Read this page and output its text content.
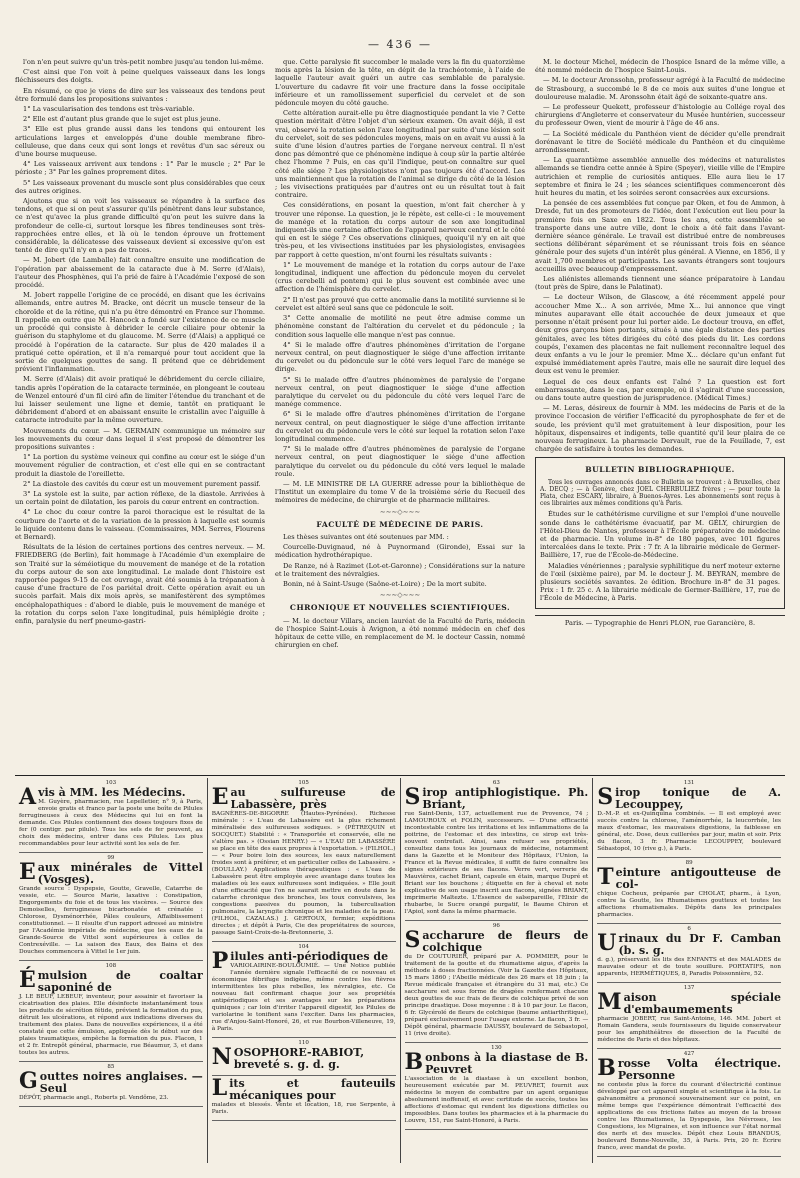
— 436 —

l'on n'en peut suivre qu'un très-petit nombre jusqu'au tendon lui-même.

C'est ainsi que l'on voit à peine quelques vaisseaux dans les longs fléchisseurs des doigts.

En résumé, ce que je viens de dire sur les vaisseaux des tendons peut être formulé dans les propositions suivantes :

1° La vascularisation des tendons est très-variable.

2° Elle est d'autant plus grande que le sujet est plus jeune.

3° Elle est plus grande aussi dans les tendons qui entourent les articulations larges et enveloppés d'une double membrane fibro-celluleuse, que dans ceux qui sont longs et revêtus d'un sac séreux ou d'une bourse muqueuse.

4° Les vaisseaux arrivent aux tendons : 1° Par le muscle ; 2° Par le périoste ; 3° Par les gaînes proprement dites.

5° Les vaisseaux provenant du muscle sont plus considérables que ceux des autres origines.

Ajoutons que si on voit les vaisseaux se répandre à la surface des tendons, et que si on peut s'assurer qu'ils pénètrent dans leur substance, ce n'est qu'avec la plus grande difficulté qu'on peut les suivre dans la profondeur de celle-ci, surtout lorsque les fibres tendineuses sont très-rapprochées entre elles, et là où le tendon éprouve un frottement considérable, la délicatesse des vaisseaux devient si excessive qu'on est tenté de dire qu'il n'y en a pas de traces.

— M. Jobert (de Lamballe) fait connaître ensuite une modification de l'opération par abaissement de la cataracte due à M. Serre (d'Alais), l'auteur des Phosphènes, qui l'a prié de faire à l'Académie l'exposé de son procédé.

M. Jobert rappelle l'origine de ce procédé, en disant que les écrivains allemands, entre autres M. Bracke, ont décrit un muscle tenseur de la choroïde et de la rétine, qui n'a pu être démontré en France sur l'homme. Il rappelle en outre que M. Hancock a fondé sur l'existence de ce muscle un procédé qui consiste à débrider le cercle ciliaire pour obtenir la guérison du staphylome et du glaucome. M. Serre (d'Alais) a appliqué ce procédé à l'opération de la cataracte. Sur plus de 420 malades il a pratiqué cette opération, et il n'a remarqué pour tout accident que la sortie de quelques gouttes de sang. Il prétend que ce débridement prévient l'inflammation.

M. Serre (d'Alais) dit avoir pratiqué le débridement du cercle ciliaire, tandis après l'opération de la cataracte terminée, en plongeant le couteau de Wenzel entouré d'un fil ciré afin de limiter l'étendue du tranchant et de lui laisser seulement une ligne et demie, tantôt en pratiquant le débridement d'abord et en abaissant ensuite le cristallin avec l'aiguille à cataracte introduite par la même ouverture.

Mouvements du cœur. — M. GERMAIN communique un mémoire sur les mouvements du cœur dans lequel il s'est proposé de démontrer les propositions suivantes :

1° La portion du système veineux qui confine au cœur est le siége d'un mouvement régulier de contraction, et c'est elle qui en se contractant produit la diastole de l'oreillette.

2° La diastole des cavités du cœur est un mouvement purement passif.

3° La systole est la suite, par action réflexe, de la diastole. Arrivées à un certain point de dilatation, les parois du cœur entrent en contraction.

4° Le choc du cœur contre la paroi thoracique est le résultat de la courbure de l'aorte et de la variation de la pression à laquelle est soumis le liquide contenu dans le vaisseau. (Commissaires, MM. Serres, Flourens et Bernard).

Résultats de la lésion de certaines portions des centres nerveux. — M. FRIEDBERG (de Berlin), fait hommage à l'Académie d'un exemplaire de son Traité sur la séméiotique du mouvement de manége et de la rotation du corps autour de son axe longitudinal. Le malade dont l'histoire est rapportée pages 9-15 de cet ouvrage, avait été soumis à la trépanation à cause d'une fracture de l'os pariétal droit. Cette opération avait eu un succès parfait. Mais dix mois après, se manifestèrent des symptômes encéphalopathiques : d'abord le diable, puis le mouvement de manége et la rotation du corps selon l'axe longitudinal, puis hémiplégie droite ; enfin, paralysie du nerf pneumo-gastri-

que. Cette paralysie fit succomber le malade vers la fin du quatorzième mois après la lésion de la tête, en dépit de la trachéotomie, à l'aide de laquelle l'auteur avait guéri un autre cas semblable de paralysie. L'ouverture du cadavre fit voir une fracture dans la fosse occipitale inférieure et un ramollissement superficiel du cervelet et de son pédoncule moyen du côté gauche.

Cette altération aurait-elle pu être diagnostiquée pendant la vie ? Cette question méritait d'être l'objet d'un sérieux examen. On avait déjà, il est vrai, observé la rotation selon l'axe longitudinal par suite d'une lésion soit du cervelet, soit de ses pédoncules moyens, mais on en avait vu aussi à la suite d'une lésion d'autres parties de l'organe nerveux central. Il n'est donc pas démontré que ce phénomène indique à coup sûr la partie altérée chez l'homme ? Puis, en cas qu'il l'indique, peut-on connaître sur quel côté elle siége ? Les physiologistes n'ont pas toujours été d'accord. Les uns maintiennent que la rotation de l'animal se dirige du côté de la lésion ; les vivisections pratiquées par d'autres ont eu un résultat tout à fait contraire.

Ces considérations, en posant la question, m'ont fait chercher à y trouver une réponse. La question, je le répète, est celle-ci : le mouvement de manége et la rotation du corps autour de son axe longitudinal indiquent-ils une certaine affection de l'appareil nerveux central et le côté qui en est le siége ? Ces observations cliniques, quoiqu'il n'y en ait que très-peu, et les vivisections instituées par les physiologistes, envisagées par rapport à cette question, m'ont fourni les résultats suivants :

1° Le mouvement de manége et la rotation du corps autour de l'axe longitudinal, indiquent une affection du pédoncule moyen du cervelet (crus cerebelli ad pontem) qui le plus souvent est combinée avec une affection de l'hémisphère du cervelet.

2° Il n'est pas prouvé que cette anomalie dans la motilité survienne si le cervelet est altéré seul sans que ce pédoncule le soit.

3° Cette anomalie de motilité ne peut être admise comme un phénomène constant de l'altération du cervelet et du pédoncule ; la condition sous laquelle elle manque n'est pas connue.

4° Si le malade offre d'autres phénomènes d'irritation de l'organe nerveux central, on peut diagnostiquer le siége d'une affection irritante du cervelet ou du pédoncule sur le côté vers lequel l'arc de manége se dirige.

5° Si le malade offre d'autres phénomènes de paralysie de l'organe nerveux central, on peut diagnostiquer le siége d'une affection paralytique du cervelet ou du pédoncule du côté vers lequel l'arc de manége commence.

6° Si le malade offre d'autres phénomènes d'irritation de l'organe nerveux central, on peut diagnostiquer le siége d'une affection irritante du cervelet ou du pédoncule vers le côté sur lequel la rotation selon l'axe longitudinal commence.

7° Si le malade offre d'autres phénomènes de paralysie de l'organe nerveux central, on peut diagnostiquer le siége d'une affection paralytique du cervelet ou du pédoncule du côté vers lequel le malade roule.

— M. LE MINISTRE DE LA GUERRE adresse pour la bibliothèque de l'Institut un exemplaire du tome V de la troisième série du Recueil des mémoires de médecine, de chirurgie et de pharmacie militaires.

∼∼∼◇∼∼∼
FACULTÉ DE MÉDECINE DE PARIS.

Les thèses suivantes ont été soutenues par MM. :

Courcelle-Duvignaud, né à Puynormand (Gironde), Essai sur la médication hydrothérapique.

De Ranze, né à Razimet (Lot-et-Garonne) ; Considérations sur la nature et le traitement des névralgies.

Bonin, né à Saint-Usuge (Saône-et-Loire) ; De la mort subite.

∼∼∼◇∼∼∼
CHRONIQUE ET NOUVELLES SCIENTIFIQUES.

— M. le docteur Villars, ancien lauréat de la Faculté de Paris, médecin de l'hospice Saint-Louis à Avignon, a été nommé médecin en chef des hôpitaux de cette ville, en remplacement de M. le docteur Cassin, nommé chirurgien en chef.

M. le docteur Michel, médecin de l'hospice Isnard de la même ville, a été nommé médecin de l'hospice Saint-Louis.

— M. le docteur Aronssohn, professeur agrégé à la Faculté de médecine de Strasbourg, a succombé le 8 de ce mois aux suites d'une longue et douloureuse maladie. M. Aronssohn était âgé de soixante-quatre ans.

— Le professeur Quekett, professeur d'histologie au Collége royal des chirurgiens d'Angleterre et conservateur du Musée huntérien, successeur du professeur Owen, vient de mourir à l'âge de 46 ans.

— La Société médicale du Panthéon vient de décider qu'elle prendrait dorénavant le titre de Société médicale du Panthéon et du cinquième arrondissement.

— La quarantième assemblée annuelle des médecins et naturalistes allemands se tiendra cette année à Spire (Speyer), vieille ville de l'Empire autrichien et remplie de curiosités antiques. Elle aura lieu le 17 septembre et finira le 24 ; les séances scientifiques commenceront dès huit heures du matin, et les soirées seront consacrées aux excursions.

La pensée de ces assemblées fut conçue par Oken, et fou de Ammon, à Dresde, fut un des promoteurs de l'idée, dont l'exécution eut lieu pour la première fois en Saxe en 1822. Tous les ans, cette assemblée se transporte dans une autre ville, dont le choix a été fait dans l'avant-dernière séance générale. Le travail est distribué entre de nombreuses sections délibérant séparément et se réunissant trois fois en séance générale pour des sujets d'un intérêt plus général. A Vienne, en 1856, il y avait 1,700 membres et participants. Les savants étrangers sont toujours accueillis avec beaucoup d'empressement.

Les aliénistes allemands tiennent une séance préparatoire à Landau (tout près de Spire, dans le Palatinat).

— Le docteur Wilson, de Glascow, a été récemment appelé pour accoucher Mme X... A son arrivée, Mme X... lui annonce que vingt minutes auparavant elle était accouchée de deux jumeaux et que personne n'était présent pour lui porter aide. Le docteur trouva, en effet, deux gros garçons bien portants, situés à une égale distance des parties génitales, avec les têtes dirigées du côté des pieds du lit. Les cordons coupés, l'examen des placentas ne fait nullement reconnaître lequel des deux enfants a vu le jour le premier. Mme X... déclare qu'un enfant fut expulsé immédiatement après l'autre, mais elle ne saurait dire lequel des deux est venu le premier.

Lequel de ces deux enfants est l'aîné ? La question est fort embarrassante, dans le cas, par exemple, où il s'agirait d'une succession, ou dans toute autre question de jurisprudence. (Médical Times.)

— M. Leras, désireux de fournir à MM. les médecins de Paris et de la province l'occasion de vérifier l'efficacité du pyrophosphate de fer et de soude, les prévient qu'il met gratuitement à leur disposition, pour les hôpitaux, dispensaires et indigents, telle quantité qu'il leur plaira de ce nouveau ferrugineux. La pharmacie Dervault, rue de la Feuillade, 7, est chargée de satisfaire à toutes les demandes.

BULLETIN BIBLIOGRAPHIQUE.

Tous les ouvrages annoncés dans ce Bulletin se trouvent : à Bruxelles, chez A. DECQ ; — à Genève, chez JOEL CHERBULIEZ frères ; — pour toute la Plata, chez ESCARY, libraire, à Buenos-Ayres. Les abonnements sont reçus à ces librairies aux mêmes conditions qu'à Paris.

Études sur le cathétérisme curviligne et sur l'emploi d'une nouvelle sonde dans le cathétérisme évacuatif, par M. GÉLY, chirurgien de l'Hôtel-Dieu de Nantes, professeur à l'École préparatoire de médecine et de pharmacie. Un volume in-8° de 180 pages, avec 101 figures intercalées dans le texte. Prix : 7 fr. A la librairie médicale de Germer-Baillière, 17, rue de l'École-de-Médecine.

Maladies vénériennes ; paralysie syphilitique du nerf moteur externe de l'œil (sixième paire), par M. le docteur J. M. BEYRAN, membre de plusieurs sociétés savantes. 2e édition. Brochure in-8° de 31 pages. Prix : 1 fr. 25 c. A la librairie médicale de Germer-Baillière, 17, rue de l'École de Médecine, à Paris.

Paris. — Typographie de Henri PLON, rue Garancière, 8.
103
Avis à MM. les Médecins.
M. Guyère, pharmacien, rue Lepelletier, n° 9, à Paris, envoie gratis et franco par la poste une boîte de Pilules ferrugineuses à ceux des Médecins qui lui en font la demande. Ces Pilules contiennent des doses toujours fixes de fer (0 centigr. par pilule). Tous les sels de fer peuvent, au choix des médecins, entrer dans ces Pilules. Les plus recommandables pour leur activité sont les sels de fer.
99
Eaux minérales de Vittel (Vosges).
Grande source : Dyspepsie, Goutte, Gravelle, Catarrhe de vessie, etc. — Source Marie, laxative : Constipation, Engorgements du foie et de tous les viscères. — Source des Demoiselles, ferrugineuse bicarbonatée et crénatée : Chlorose, Dysménorrhée, Pâles couleurs, Affaiblissement constitutionnel. — Il résulte d'un rapport adressé au ministre par l'Académie impériale de médecine, que les eaux de la Grande-Source de Vittel sont supérieures à celles de Contrexéville. — La saison des Eaux, des Bains et des Douches commencera à Vittel le 1er juin.
108
Émulsion de coaltar saponiné de
J. LE BEUF, LEBEUF, inventeur, pour assainir et favoriser la cicatrisation des plaies. Elle désinfecte instantanément tous les produits de sécrétion fétide, prévient la formation du pus, détruit les ulcérations, et répond aux indications diverses du traitement des plaies. Dans de nouvelles expériences, il a été constaté que cette émulsion, appliquée dès le début sur des plaies traumatiques, empêche la formation du pus. Flacon, 1 et 2 fr. Entrepôt général, pharmacie, rue Béaumur, 3, et dans toutes les autres.
85
Gouttes noires anglaises. — Seul
DÉPÔT, pharmacie angl., Roberts pl. Vendôme, 23.
105
Eau sulfureuse de Labassère, près
BAGNÈRES-DE-BIGORRE (Hautes-Pyrénées). Richesse minérale : « L'eau de Labassère est la plus richement minéralisée des sulfureuses sodiques. » (PÉTREQUIN et SOCQUET.) Stabilité : « Transportée et conservée, elle ne s'altère pas. » (Ossian HENRY.) — « L'EAU DE LABASSÈRE se place en tête des eaux propres à l'exportation. » (FILHOL.) — « Pour boire loin des sources, les eaux naturellement froides sont à préférer, et en particulier celles de Labassère. » (BOULLAY.) Applications thérapeutiques : « L'eau de Labassère peut être employée avec avantage dans toutes les maladies où les eaux sulfureuses sont indiquées. » Elle jouit d'une efficacité que l'on ne saurait mettre en doute dans le catarrhe chronique des bronches, les toux convulsives, les congestions passives du poumon, la tuberculisation pulmonaire, la laryngite chronique et les maladies de la peau. (FILHOL, CAZALAS.) J. GERTOUX, fermier, expéditions directes ; et dépôt à Paris, Cie des propriétaires de sources, passage Saint-Croix-de-la-Bretonnerie, 3.
104
Pilules anti-périodiques de
VARIOLAIRINE-BOULOUMIÉ. — Une Notice publiée l'année dernière signale l'efficacité de ce nouveau et économique fébrifuge indigène, même contre les fièvres intermittentes les plus rebelles, les névralgies, etc. Ce nouveau fait confirmant chaque jour ses propriétés antipériodiques et ses avantages sur les préparations quiniques ; car loin d'irriter l'appareil digestif, les Pilules de variolarine le tonifient sans l'exciter. Dans les pharmacies, rue d'Anjou-Saint-Honoré, 26, et rue Bourbon-Villeneuve, 19, à Paris.
110
NOSOPHORE-RABIOT, breveté s. g. d. g.
Lits et fauteuils mécaniques pour
malades et blessés. Vente et location, 18, rue Serpente, à Paris.
63
Sirop antiphlogistique. Ph. Briant,
rue Saint-Denis, 137, actuellement rue de Provence, 74 ; LAMOUROUX et FOLIN, successeurs. — D'une efficacité incontestable contre les irritations et les inflammations de la poitrine, de l'estomac et des intestins, ce sirop est très-souvent contrefait. Ainsi, sans refuser ses propriétés, consultez dans tous les journaux de médecine, notamment dans la Gazette et le Moniteur des Hôpitaux, l'Union, la France et la Revue médicales, il suffit de faire connaître les signes extérieurs de ses flacons. Verre vert, verrerie de Mauvières, cachet Briant, capsule en étain, marque Dupré et Briant sur les bouchons ; étiquette en fer à cheval et note explicative de son usage inscrit aux flacons, signées BRIANT, imprimerie Maltezte. L'Essence de salsepareille, l'Elixir de rhubarbe, le Sucre orangé purgatif, le Baume Chiron et l'Apiol, sont dans la même pharmacie.
96
Saccharure de fleurs de colchique
du Dr COUTURIER, préparé par A. POMMIER, pour le traitement de la goutte et du rhumatisme aigus, d'après la méthode à doses fractionnées. (Voir la Gazette des Hôpitaux, 15 mars 1860 ; l'Abeille médicale des 26 mars et 18 juin ; la Revue médicale française et étrangère du 31 mai, etc.) Ce saccharure est sous forme de dragées renfermant chacune deux gouttes de suc frais de fleurs de colchique privé de son principe drastique. Dose moyenne : 8 à 10 par jour. Le flacon, 6 fr. Glycérolé de fleurs de colchique (baume antiarthritique), préparé exclusivement pour l'usage externe. Le flacon, 3 fr. — Dépôt général, pharmacie DAUSSY, boulevard de Sébastopol, 11 (rive droite).
130
Bonbons à la diastase de B. Peuvret
L'association de la diastase à un excellent bonbon, heureusement exécutée par M. PEUVRET, fournit aux médecins le moyen de combattre par un agent organique absolument inoffensif, et avec certitude de succès, toutes les affections d'estomac qui rendent les digestions difficiles ou impossibles. Dans toutes les pharmacies et à la pharmacie du Louvre, 151, rue Saint-Honoré, à Paris.
131
Sirop tonique de A. Lecouppey,
D.-M.-P. et ex-Quinquina combinés. — Il est employé avec succès contre la chlorose, l'aménorrhée, la leucorrhée, les maux d'estomac, les mauvaises digestions, la faiblesse en général, etc. Dose, deux cuillerées par jour, matin et soir. Prix du flacon, 3 fr. Pharmacie LECOUPPEY, boulevard Sébastopol, 10 (rive g.), à Paris.
89
Teinture antigoutteuse de col-
chique Cocheux, préparée par CHOLAT, pharm., à Lyon, contre la Goutte, les Rhumatismes goutteux et toutes les affections rhumatismales. Dépôts dans les principales pharmacies.
6
Urinaux du Dr F. Camban (b. s. g.
d. g.), préservant les lits des ENFANTS et des MALADES de mauvaise odeur et de toute souillure. PORTATIFS, non apparents, HERMÉTIQUES, 8, Paradis Poissonnière, 52.
137
Maison spéciale d'embaumements
pharmacie JOBERT, rue Saint-Antoine, 146. MM. Jobert et Romain Gandera, seuls fournisseurs du liquide conservateur pour les amphithéâtres de dissection de la Faculté de médecine de Paris et des hôpitaux.
427
Brosse Volta électrique. Personne
ne conteste plus la force du courant d'électricité continue développé par cet appareil simple et scientifique à la fois. Le galvanomètre a prononcé souverainement sur ce point, en même temps que l'expérience démontrait l'efficacité des applications de ces frictions faites au moyen de la brosse contre les Rhumatismes, la Dyspepsie, les Névroses, les Congestions, les Migraines, et son influence sur l'état normal des nerfs et des muscles. Dépôt chez Louis BRANDUS, boulevard Bonne-Nouvelle, 35, à Paris. Prix, 20 fr. Écrire franco, avec mandat de poste.
